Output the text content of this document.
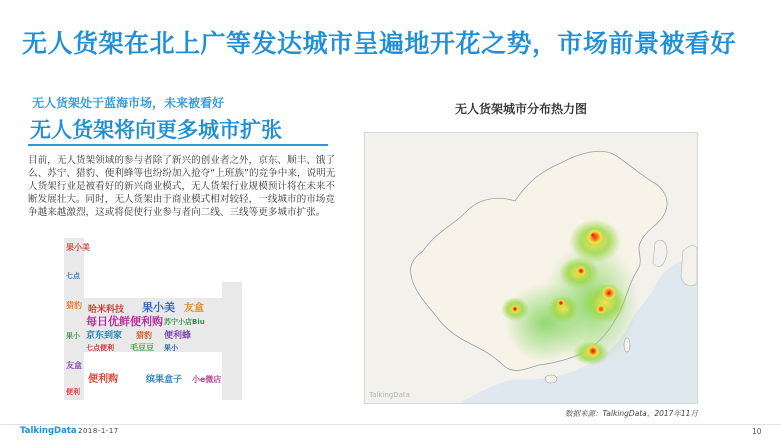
无人货架在北上广等发达城市呈遍地开花之势，市场前景被看好
无人货架处于蓝海市场，未来被看好
无人货架将向更多城市扩张
目前，无人货架领域的参与者除了新兴的创业者之外，京东、顺丰、饿了么、苏宁、猎豹、便利蜂等也纷纷加入抢夺“上班族”的竞争中来，说明无人货架行业是被看好的新兴商业模式，无人货架行业规模预计将在未来不断发展壮大。同时，无人货架由于商业模式相对较轻，一线城市的市场竞争越来越激烈，这或将促使行业参与者向二线、三线等更多城市扩张。
果小美
七点
猎豹
果小
友盒
便利
哈米科技 果小美 友盒
每日优鲜便利购 苏宁小店Biu
京东到家 猎豹 便利蜂
七点便利 毛豆豆 果小
便利购	缤果盒子 小e微店
无人货架城市分布热力图
TalkingData
数据来源：TalkingData，2017年11月
TalkingData 2018-1-17	10
